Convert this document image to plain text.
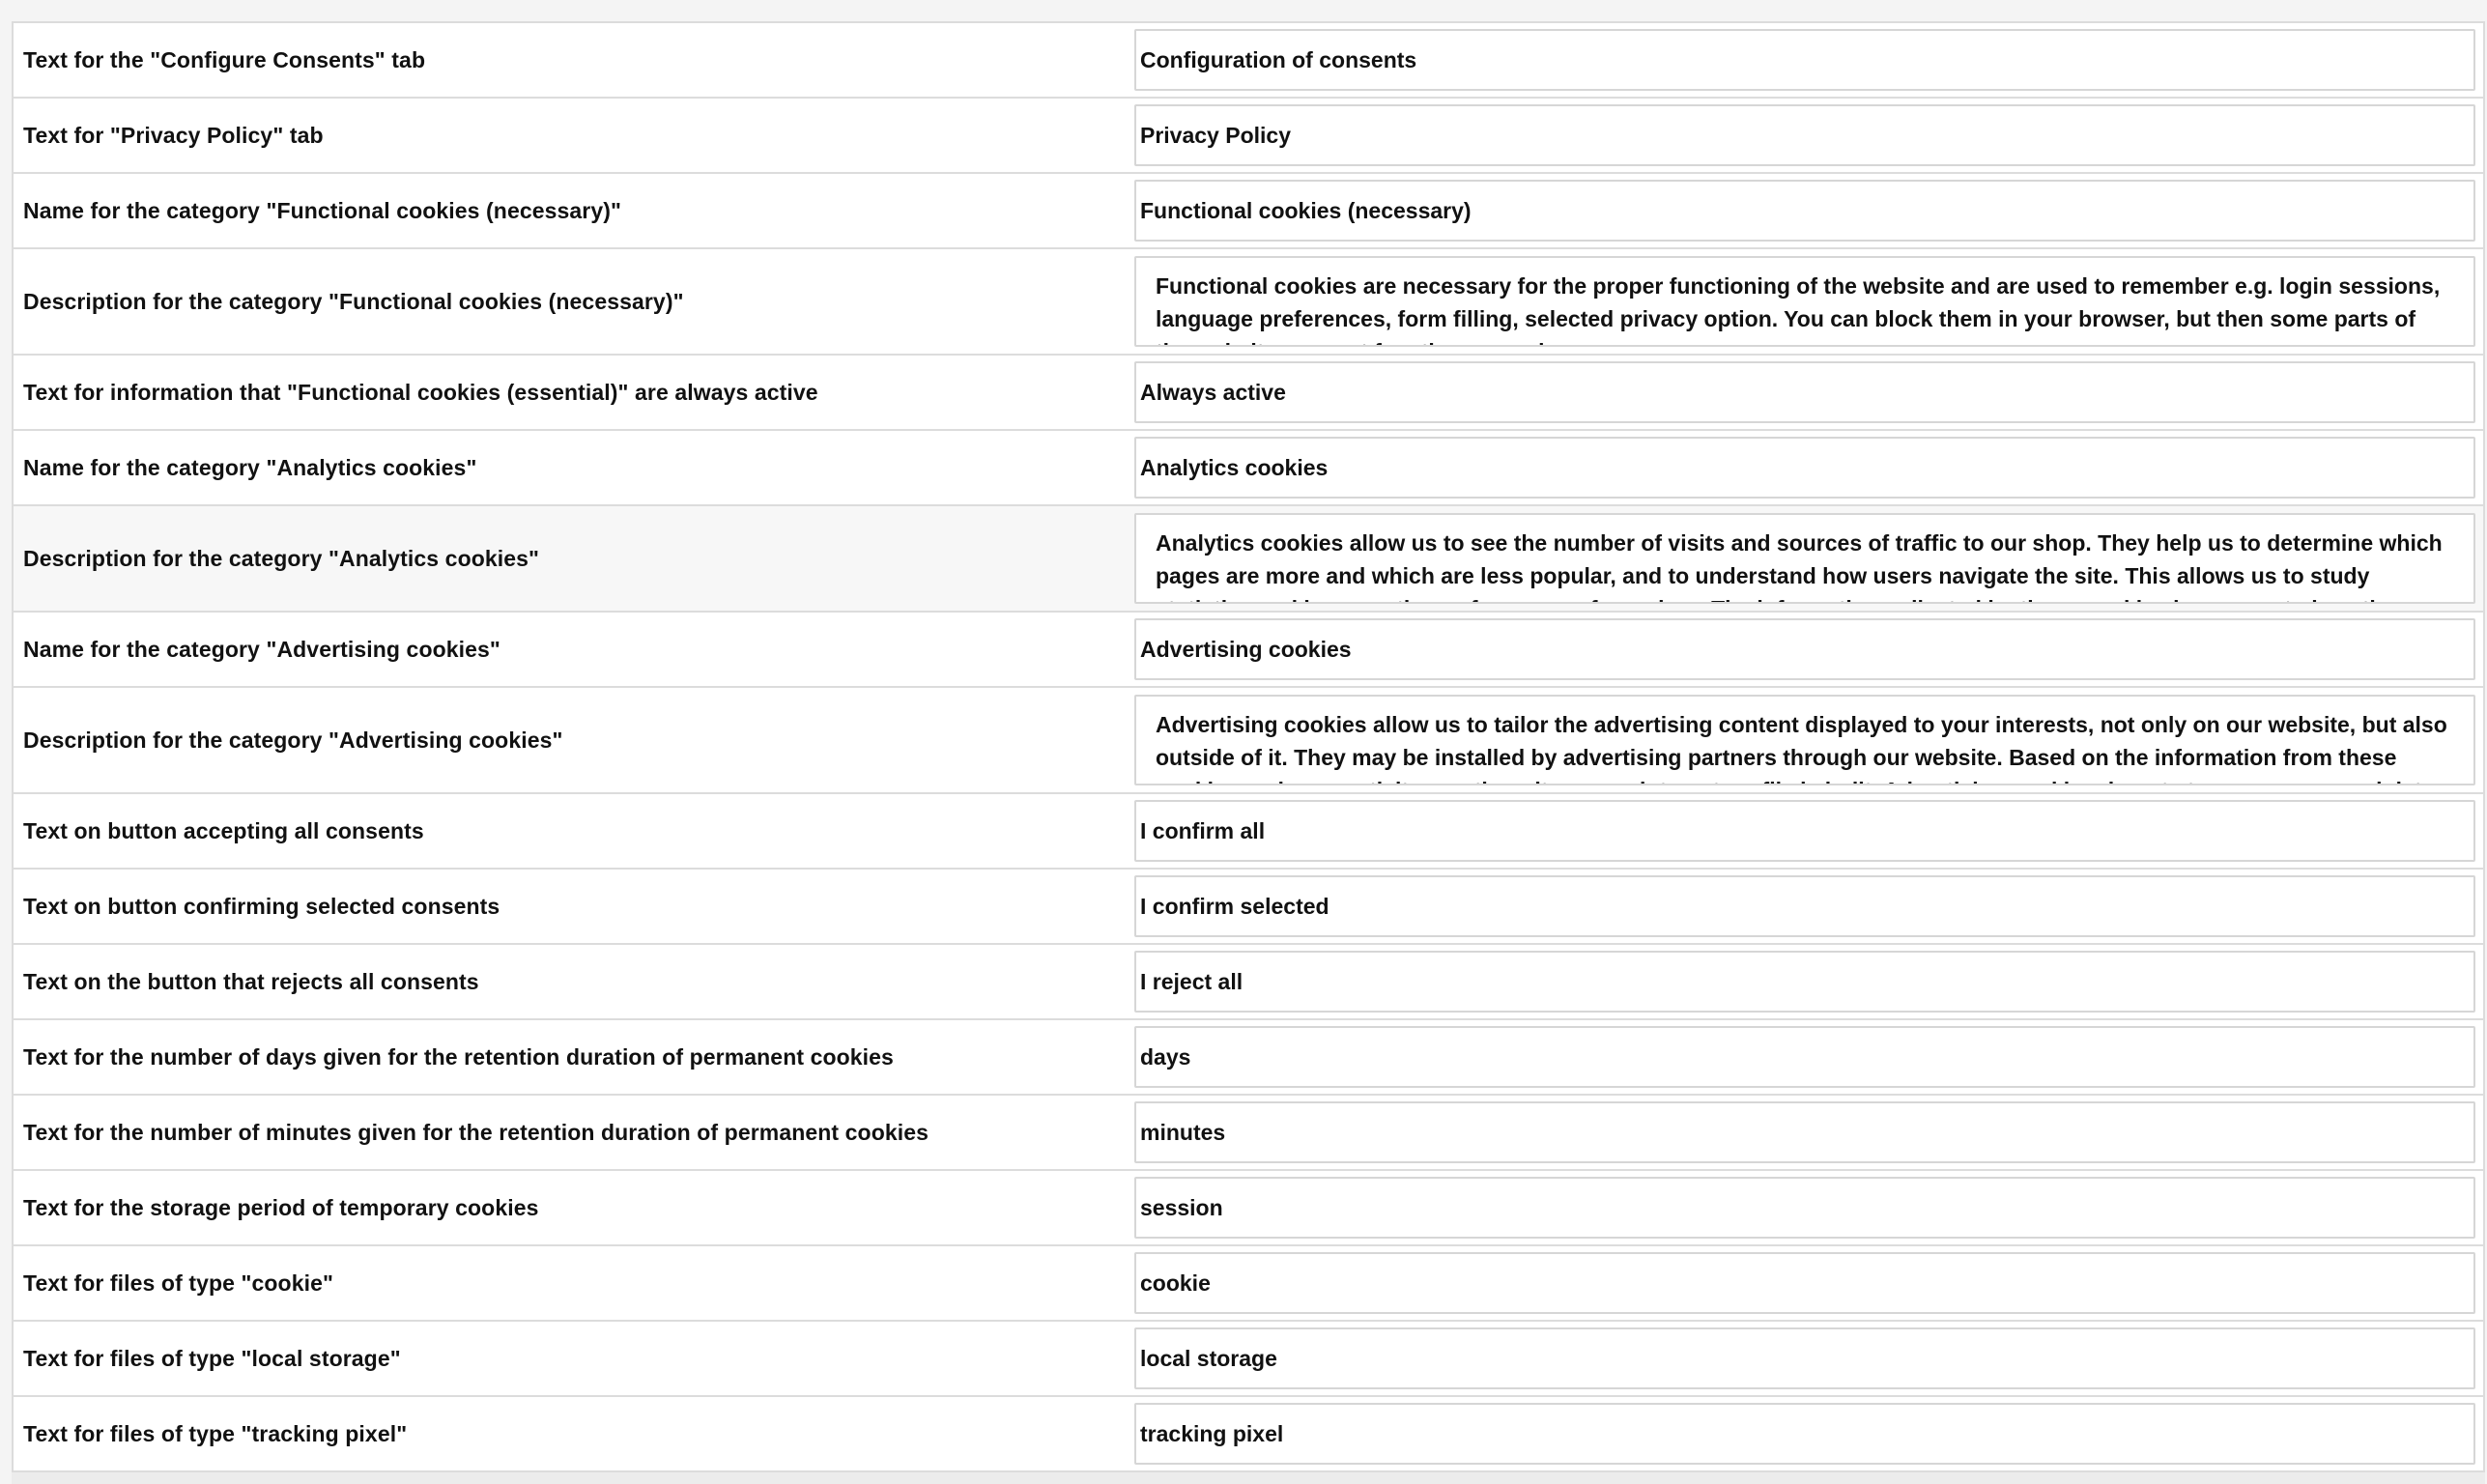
Text for the "Configure Consents" tab
Configuration of consents
Text for "Privacy Policy" tab
Privacy Policy
Name for the category "Functional cookies (necessary)"
Functional cookies (necessary)
Description for the category "Functional cookies (necessary)"
Functional cookies are necessary for the proper functioning of the website and are used to remember e.g. login sessions, language preferences, form filling, selected privacy option. You can block them in your browser, but then some parts of the website may not function properly.
Text for information that "Functional cookies (essential)" are always active
Always active
Name for the category "Analytics cookies"
Analytics cookies
Description for the category "Analytics cookies"
Analytics cookies allow us to see the number of visits and sources of traffic to our shop. They help us to determine which pages are more and which are less popular, and to understand how users navigate the site. This allows us to study statistics and improve the performance of our shop. The information collected by these cookies is aggregated, so they are not intended to identify you.
Name for the category "Advertising cookies"
Advertising cookies
Description for the category "Advertising cookies"
Advertising cookies allow us to tailor the advertising content displayed to your interests, not only on our website, but also outside of it. They may be installed by advertising partners through our website. Based on the information from these cookies and your activity on other sites, your interest profile is built. Advertising cookies do not store your personal data directly, but identify your web browser and Internet device.
Text on button accepting all consents
I confirm all
Text on button confirming selected consents
I confirm selected
Text on the button that rejects all consents
I reject all
Text for the number of days given for the retention duration of permanent cookies
days
Text for the number of minutes given for the retention duration of permanent cookies
minutes
Text for the storage period of temporary cookies
session
Text for files of type "cookie"
cookie
Text for files of type "local storage"
local storage
Text for files of type "tracking pixel"
tracking pixel
